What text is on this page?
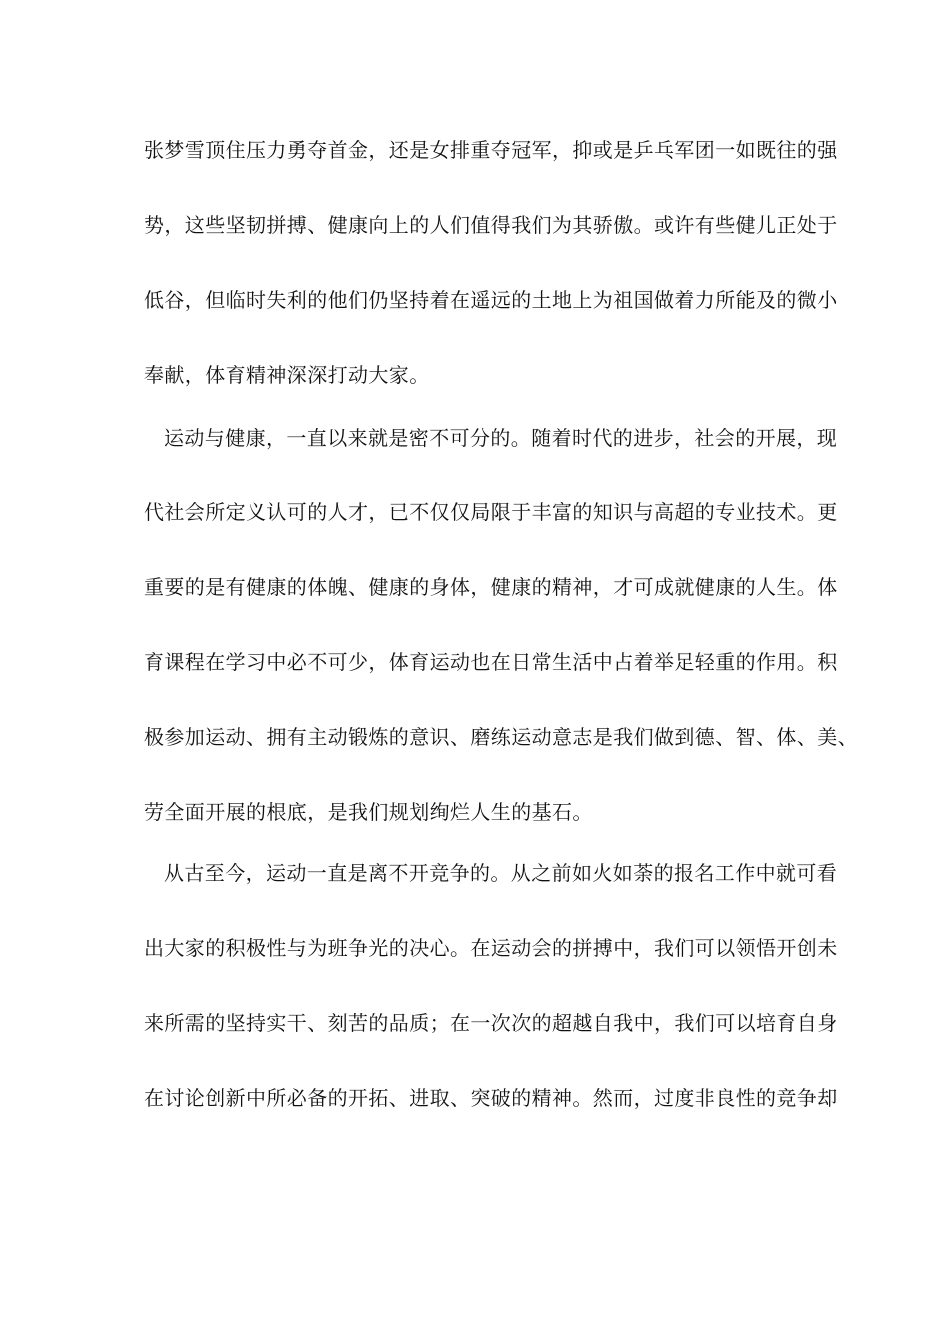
张梦雪顶住压力勇夺首金，还是女排重夺冠军，抑或是乒乓军团一如既往的强
势，这些坚韧拼搏、健康向上的人们值得我们为其骄傲。或许有些健儿正处于
低谷，但临时失利的他们仍坚持着在遥远的土地上为祖国做着力所能及的微小
奉献，体育精神深深打动大家。
运动与健康，一直以来就是密不可分的。随着时代的进步，社会的开展，现
代社会所定义认可的人才，已不仅仅局限于丰富的知识与高超的专业技术。更
重要的是有健康的体魄、健康的身体，健康的精神，才可成就健康的人生。体
育课程在学习中必不可少，体育运动也在日常生活中占着举足轻重的作用。积
极参加运动、拥有主动锻炼的意识、磨练运动意志是我们做到德、智、体、美、
劳全面开展的根底，是我们规划绚烂人生的基石。
从古至今，运动一直是离不开竞争的。从之前如火如荼的报名工作中就可看
出大家的积极性与为班争光的决心。在运动会的拼搏中，我们可以领悟开创未
来所需的坚持实干、刻苦的品质；在一次次的超越自我中，我们可以培育自身
在讨论创新中所必备的开拓、进取、突破的精神。然而，过度非良性的竞争却
